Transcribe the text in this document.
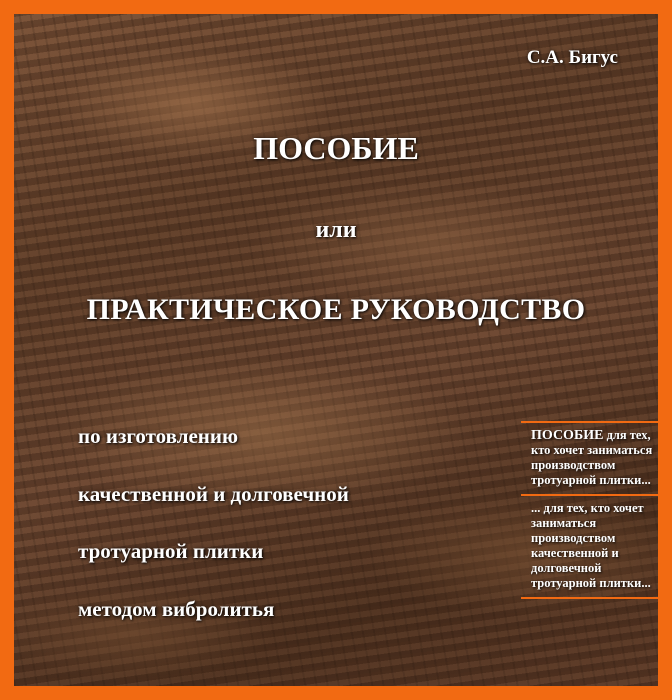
С.А. Бигус

ПОСОБИЕ

или

ПРАКТИЧЕСКОЕ РУКОВОДСТВО

по изготовлению

качественной и долговечной

тротуарной плитки

методом вибролитья

ПОСОБИЕ для тех,
кто хочет заниматься
производством
тротуарной плитки...
... для тех, кто хочет
заниматься
производством
качественной и
долговечной
тротуарной плитки...
